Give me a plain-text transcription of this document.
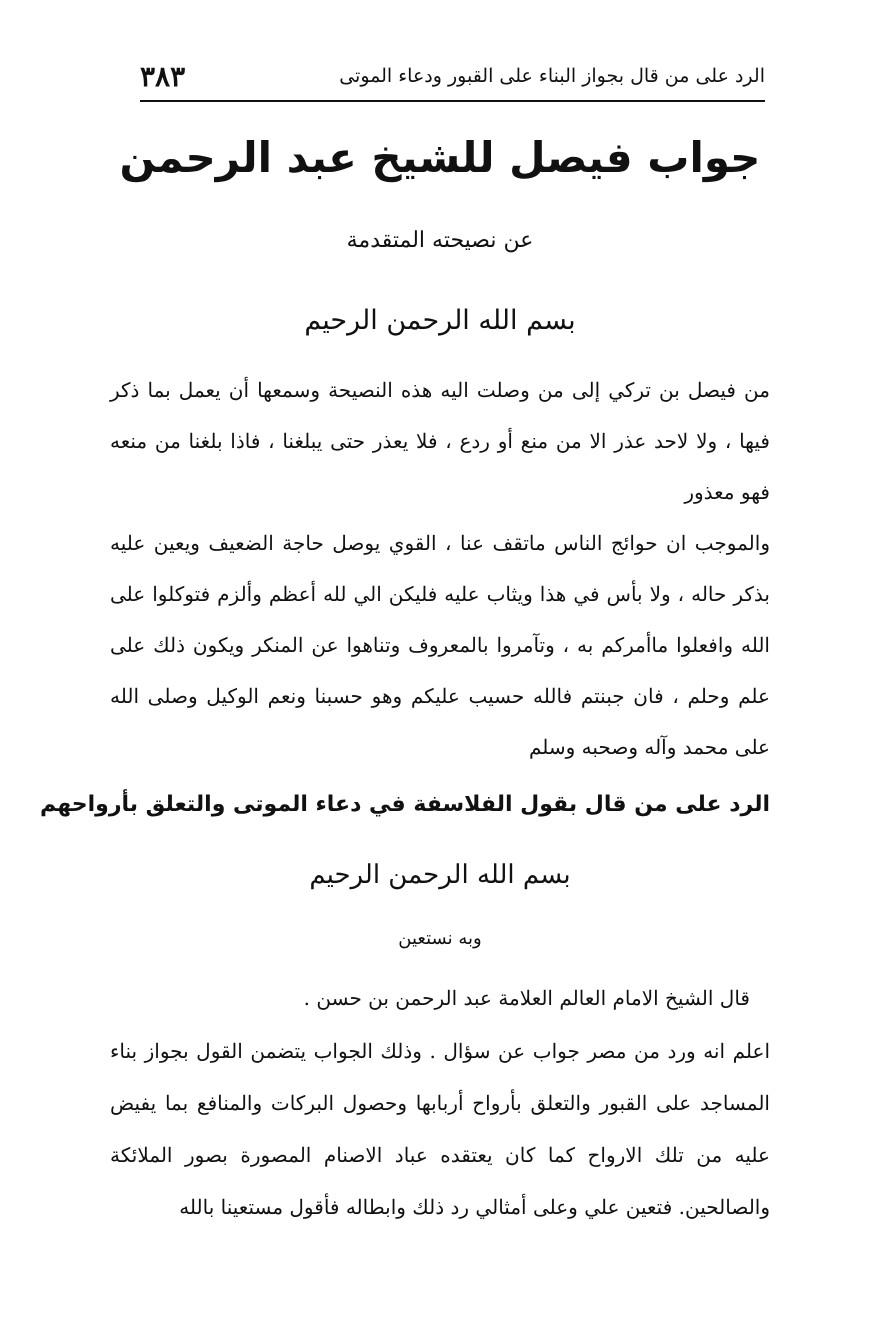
الرد على من قال بجواز البناء على القبور ودعاء الموتى
٣٨٣
جواب فيصل للشيخ عبد الرحمن
عن نصيحته المتقدمة
بسم الله الرحمن الرحيم
من فيصل بن تركي إلى من وصلت اليه هذه النصيحة وسمعها أن يعمل بما ذكر فيها ، ولا لاحد عذر الا من منع أو ردع ، فلا يعذر حتى يبلغنا ، فاذا بلغنا من منعه فهو معذور
والموجب ان حوائج الناس ماتقف عنا ، القوي يوصل حاجة الضعيف ويعين عليه بذكر حاله ، ولا بأس في هذا ويثاب عليه فليكن الي لله أعظم وألزم فتوكلوا على الله وافعلوا ماأمركم به ، وتآمروا بالمعروف وتناهوا عن المنكر ويكون ذلك على علم وحلم ، فان جبنتم فالله حسيب عليكم وهو حسبنا ونعم الوكيل وصلى الله على محمد وآله وصحبه وسلم
الرد على من قال بقول الفلاسفة في دعاء الموتى والتعلق بأرواحهم
بسم الله الرحمن الرحيم
وبه نستعين
قال الشيخ الامام العالم العلامة عبد الرحمن بن حسن .
اعلم انه ورد من مصر جواب عن سؤال . وذلك الجواب يتضمن القول بجواز بناء المساجد على القبور والتعلق بأرواح أربابها وحصول البركات والمنافع بما يفيض عليه من تلك الارواح كما كان يعتقده عباد الاصنام المصورة بصور الملائكة والصالحين. فتعين علي وعلى أمثالي رد ذلك وابطاله فأقول مستعينا بالله
